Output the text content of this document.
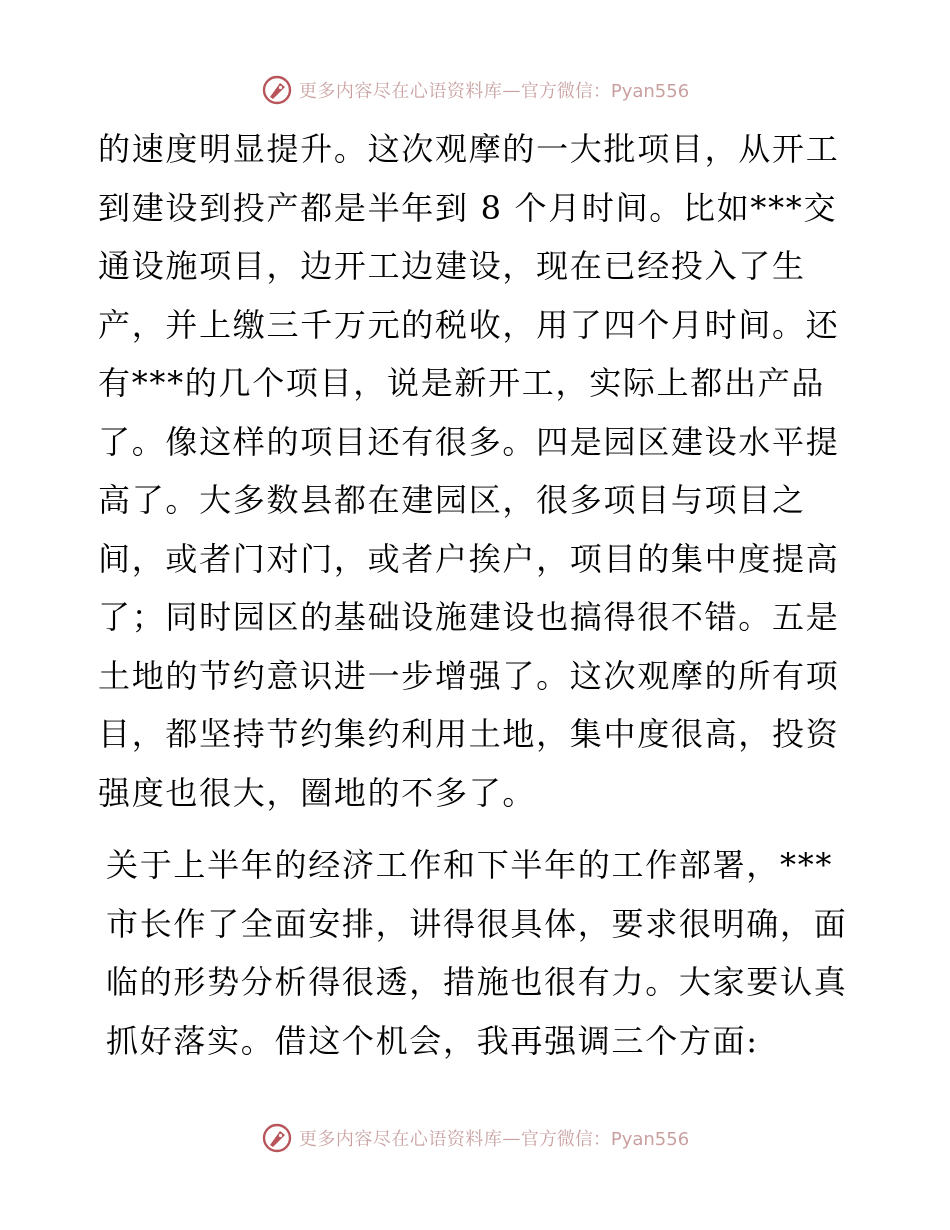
更多内容尽在心语资料库 — 官方微信：Pyan556

的速度明显提升。这次观摩的一大批项目，从开工
到建设到投产都是半年到 8 个月时间。比如***交
通设施项目，边开工边建设，现在已经投入了生
产，并上缴三千万元的税收，用了四个月时间。还
有***的几个项目，说是新开工，实际上都出产品
了。像这样的项目还有很多。四是园区建设水平提
高了。大多数县都在建园区，很多项目与项目之
间，或者门对门，或者户挨户，项目的集中度提高
了；同时园区的基础设施建设也搞得很不错。五是
土地的节约意识进一步增强了。这次观摩的所有项
目，都坚持节约集约利用土地，集中度很高，投资
强度也很大，圈地的不多了。

关于上半年的经济工作和下半年的工作部署，***
市长作了全面安排，讲得很具体，要求很明确，面
临的形势分析得很透，措施也很有力。大家要认真
抓好落实。借这个机会，我再强调三个方面:

更多内容尽在心语资料库 — 官方微信：Pyan556
